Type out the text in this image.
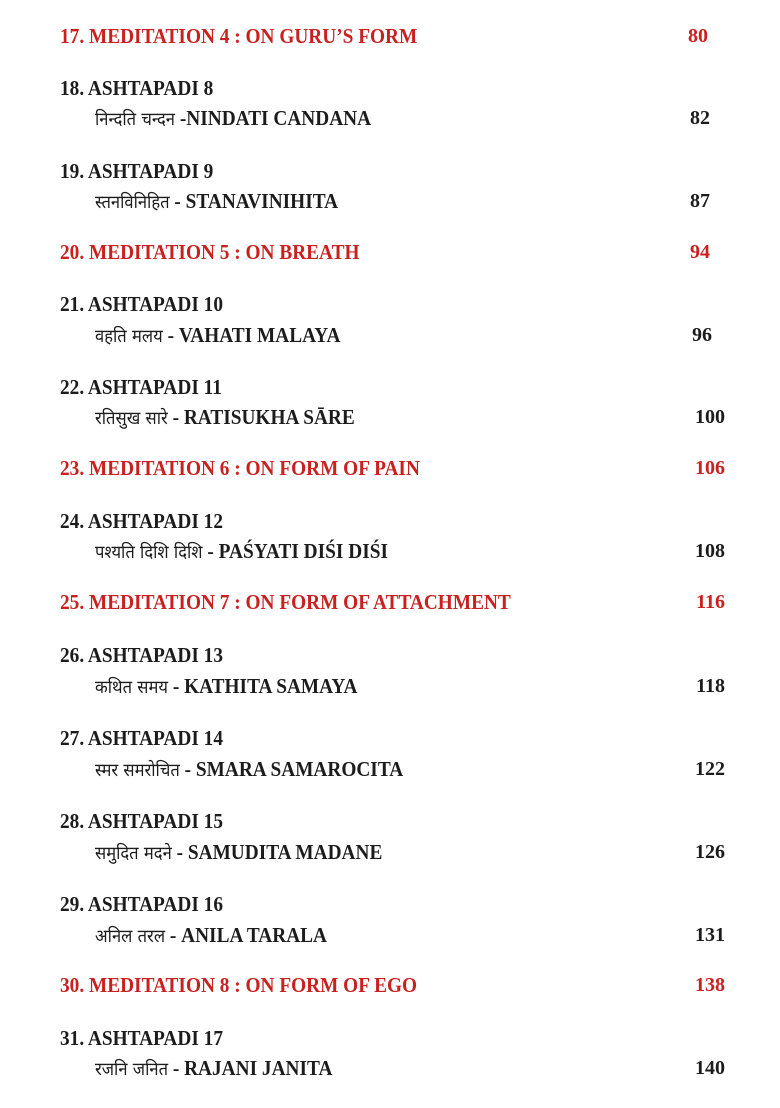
17. MEDITATION 4 : ON GURU’S FORM	80
18. ASHTAPADI 8
निन्दति चन्दन -NINDATI CANDANA	82
19. ASHTAPADI 9
स्तनविनिहित - STANAVINIHITA	87
20. MEDITATION 5 : ON BREATH	94
21. ASHTAPADI 10
वहति मलय - VAHATI MALAYA	96
22. ASHTAPADI 11
रतिसुख सारे - RATISUKHA SĀRE	100
23. MEDITATION 6 : ON FORM OF PAIN	106
24. ASHTAPADI 12
पश्यति दिशि दिशि - PAŚYATI DIŚI DIŚI	108
25. MEDITATION 7 : ON FORM OF ATTACHMENT	116
26. ASHTAPADI 13
कथित समय - KATHITA SAMAYA	118
27. ASHTAPADI 14
स्मर समरोचित - SMARA SAMAROCITA	122
28. ASHTAPADI 15
समुदित मदने - SAMUDITA MADANE	126
29. ASHTAPADI 16
अनिल तरल - ANILA TARALA	131
30. MEDITATION 8 : ON FORM OF EGO	138
31. ASHTAPADI 17
रजनि जनित - RAJANI JANITA	140
